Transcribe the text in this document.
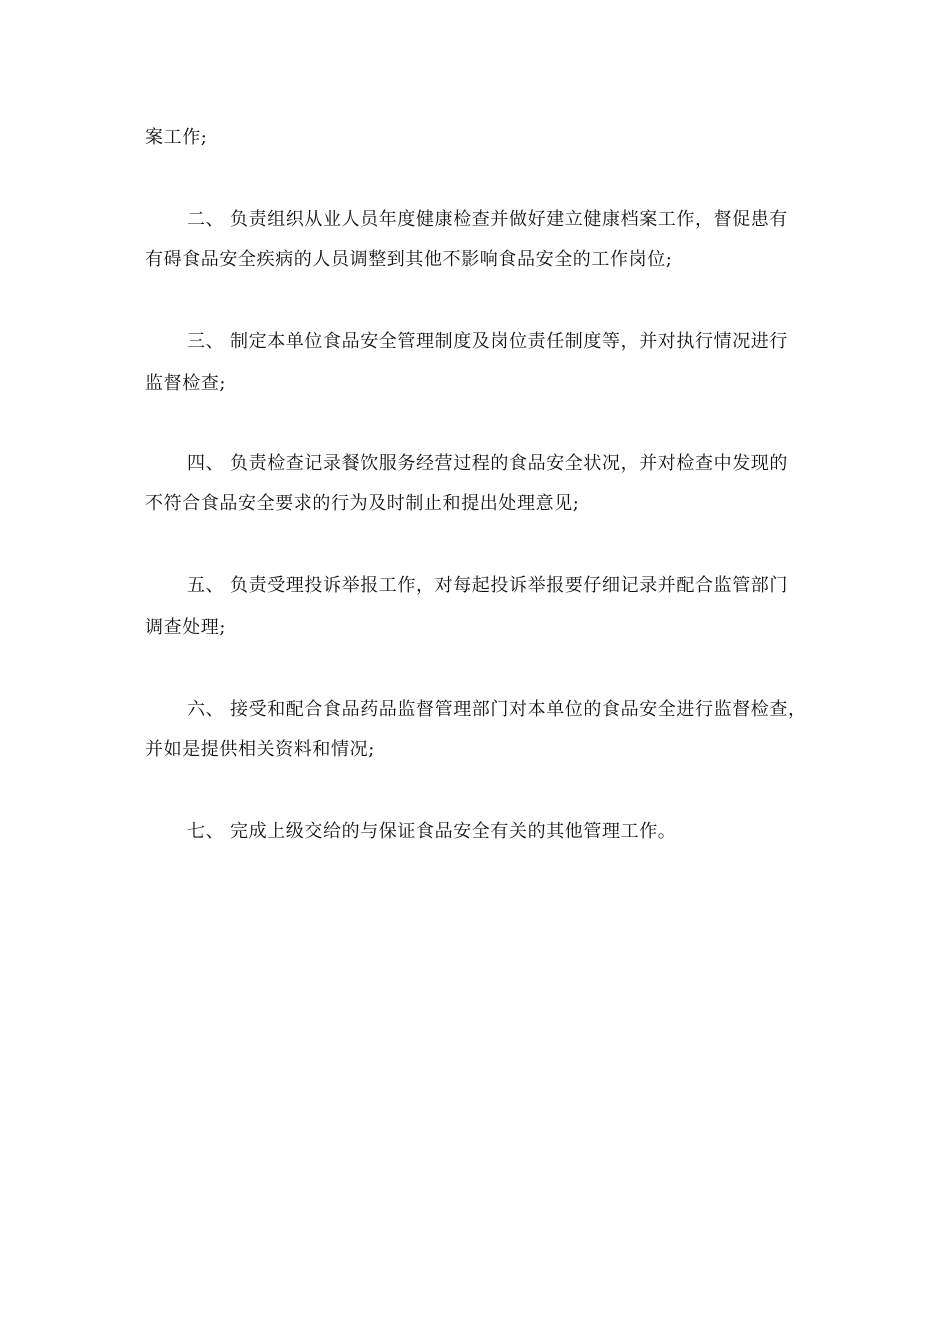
案工作;
二、 负责组织从业人员年度健康检查并做好建立健康档案工作，督促患有
有碍食品安全疾病的人员调整到其他不影响食品安全的工作岗位;
三、 制定本单位食品安全管理制度及岗位责任制度等，并对执行情况进行
监督检查;
四、 负责检查记录餐饮服务经营过程的食品安全状况，并对检查中发现的
不符合食品安全要求的行为及时制止和提出处理意见;
五、 负责受理投诉举报工作，对每起投诉举报要仔细记录并配合监管部门
调查处理;
六、 接受和配合食品药品监督管理部门对本单位的食品安全进行监督检查，
并如是提供相关资料和情况;
七、 完成上级交给的与保证食品安全有关的其他管理工作。
